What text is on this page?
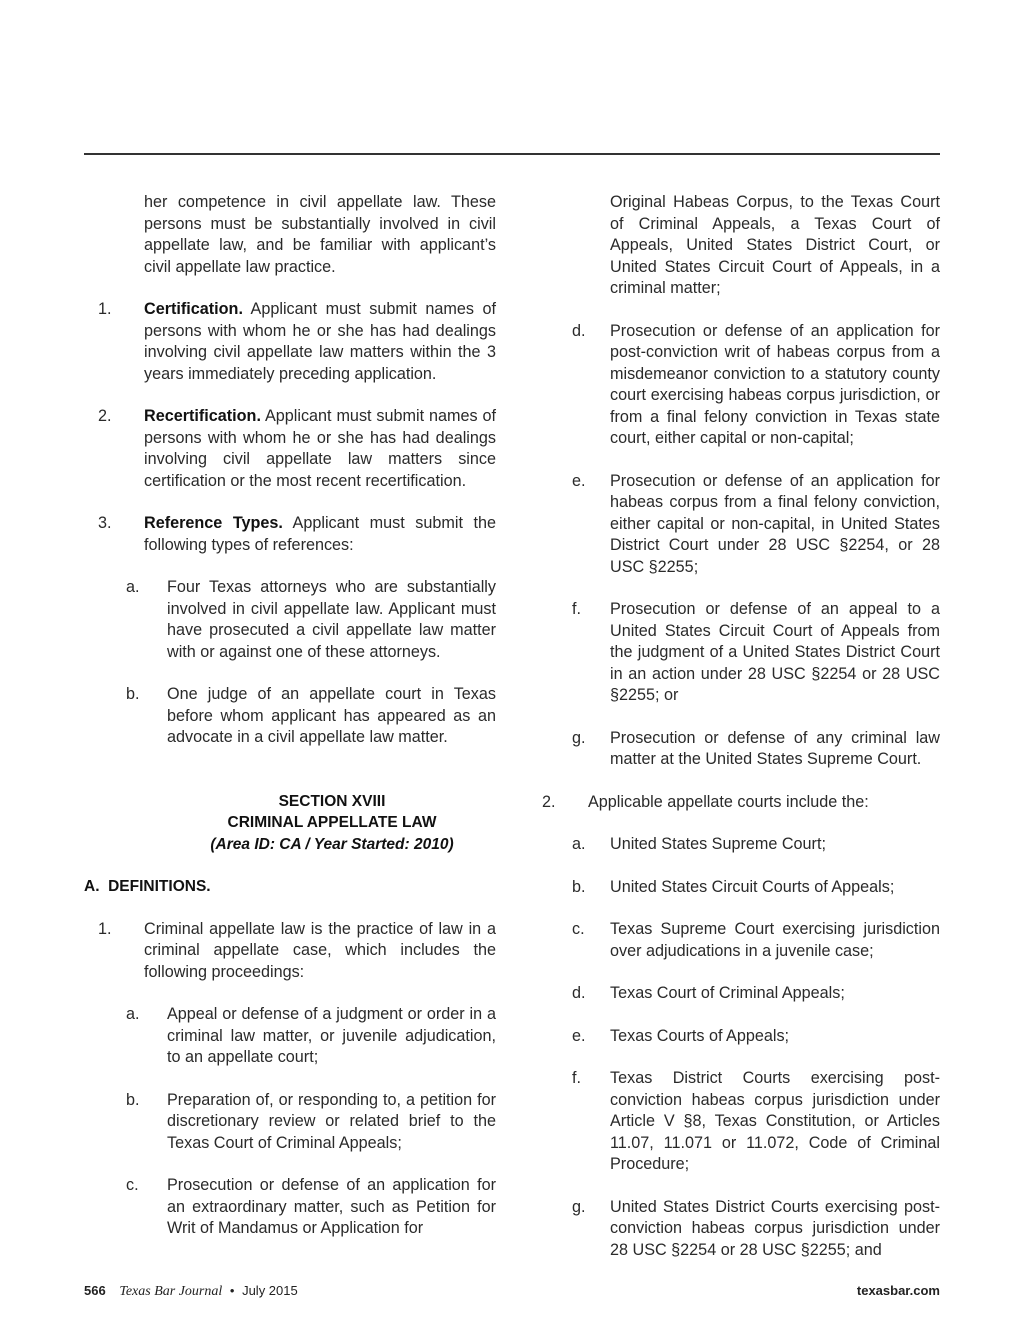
her competence in civil appellate law. These persons must be substantially involved in civil appellate law, and be familiar with applicant’s civil appellate law practice.

1.	Certification. Applicant must submit names of persons with whom he or she has had dealings involving civil appellate law matters within the 3 years immediately preceding application.
2.	Recertification. Applicant must submit names of persons with whom he or she has had dealings involving civil appellate law matters since certification or the most recent recertification.
3.	Reference Types. Applicant must submit the following types of references:
a.	Four Texas attorneys who are substantially involved in civil appellate law. Applicant must have prosecuted a civil appellate law matter with or against one of these attorneys.
b.	One judge of an appellate court in Texas before whom applicant has appeared as an advocate in a civil appellate law matter.
SECTION XVIII
CRIMINAL APPELLATE LAW
(Area ID: CA / Year Started: 2010)
A.  DEFINITIONS.
1.	Criminal appellate law is the practice of law in a criminal appellate case, which includes the following proceedings:
a.	Appeal or defense of a judgment or order in a criminal law matter, or juvenile adjudication, to an appellate court;
b.	Preparation of, or responding to, a petition for discretionary review or related brief to the Texas Court of Criminal Appeals;
c.	Prosecution or defense of an application for an extraordinary matter, such as Petition for Writ of Mandamus or Application for

Original Habeas Corpus, to the Texas Court of Criminal Appeals, a Texas Court of Appeals, United States District Court, or United States Circuit Court of Appeals, in a criminal matter;

d.	Prosecution or defense of an application for post-conviction writ of habeas corpus from a misdemeanor conviction to a statutory county court exercising habeas corpus jurisdiction, or from a final felony conviction in Texas state court, either capital or non-capital;
e.	Prosecution or defense of an application for habeas corpus from a final felony conviction, either capital or non-capital, in United States District Court under 28 USC §2254, or 28 USC §2255;
f.	Prosecution or defense of an appeal to a United States Circuit Court of Appeals from the judgment of a United States District Court in an action under 28 USC §2254 or 28 USC §2255; or
g.	Prosecution or defense of any criminal law matter at the United States Supreme Court.
2.	Applicable appellate courts include the:
a.	United States Supreme Court;
b.	United States Circuit Courts of Appeals;
c.	Texas Supreme Court exercising jurisdiction over adjudications in a juvenile case;
d.	Texas Court of Criminal Appeals;
e.	Texas Courts of Appeals;
f.	Texas District Courts exercising post-conviction habeas corpus jurisdiction under Article V §8, Texas Constitution, or Articles 11.07, 11.071 or 11.072, Code of Criminal Procedure;
g.	United States District Courts exercising post-conviction habeas corpus jurisdiction under 28 USC §2254 or 28 USC §2255; and
566 Texas Bar Journal • July 2015	texasbar.com
